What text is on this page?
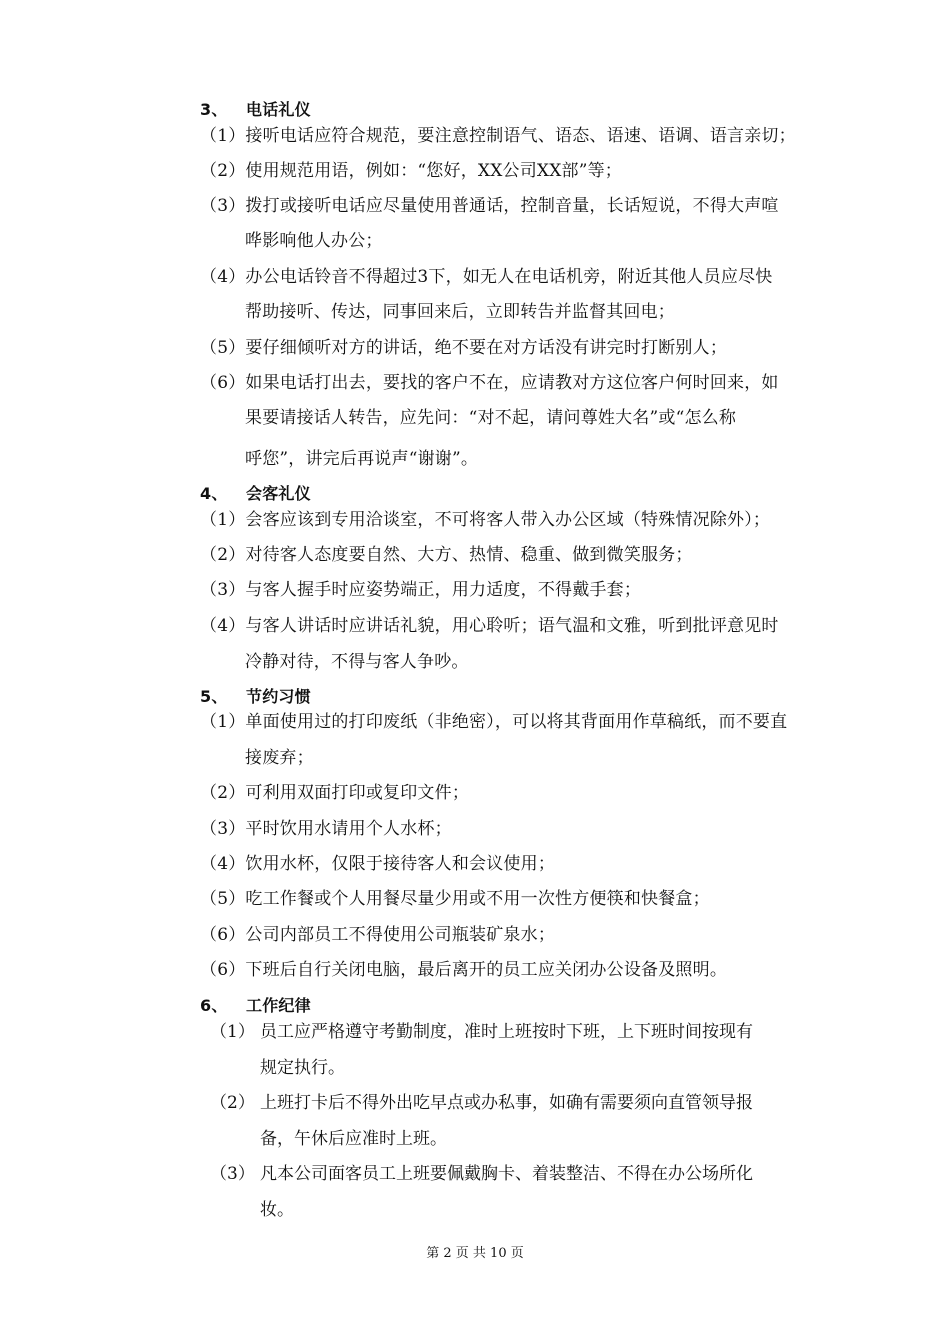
3、 电话礼仪
（1）接听电话应符合规范，要注意控制语气、语态、语速、语调、语言亲切；
（2）使用规范用语，例如：“您好，XX公司XX部”等；
（3）拨打或接听电话应尽量使用普通话，控制音量，长话短说，不得大声喧
哗影响他人办公；
（4）办公电话铃音不得超过3下，如无人在电话机旁，附近其他人员应尽快
帮助接听、传达，同事回来后，立即转告并监督其回电；
（5）要仔细倾听对方的讲话，绝不要在对方话没有讲完时打断别人；
（6）如果电话打出去，要找的客户不在，应请教对方这位客户何时回来，如
果要请接话人转告，应先问：“对不起，请问尊姓大名”或“怎么称
呼您”，讲完后再说声“谢谢”。
4、 会客礼仪
（1）会客应该到专用洽谈室，不可将客人带入办公区域（特殊情况除外）；
（2）对待客人态度要自然、大方、热情、稳重、做到微笑服务；
（3）与客人握手时应姿势端正，用力适度，不得戴手套；
（4）与客人讲话时应讲话礼貌，用心聆听；语气温和文雅，听到批评意见时
冷静对待，不得与客人争吵。
5、 节约习惯
（1）单面使用过的打印废纸（非绝密），可以将其背面用作草稿纸，而不要直
接废弃；
（2）可利用双面打印或复印文件；
（3）平时饮用水请用个人水杯；
（4）饮用水杯，仅限于接待客人和会议使用；
（5）吃工作餐或个人用餐尽量少用或不用一次性方便筷和快餐盒；
（6）公司内部员工不得使用公司瓶装矿泉水；
（6）下班后自行关闭电脑，最后离开的员工应关闭办公设备及照明。
6、 工作纪律
（1） 员工应严格遵守考勤制度，准时上班按时下班，上下班时间按现有
规定执行。
（2） 上班打卡后不得外出吃早点或办私事，如确有需要须向直管领导报
备，午休后应准时上班。
（3） 凡本公司面客员工上班要佩戴胸卡、着装整洁、不得在办公场所化
妆。
第 2 页 共 10 页
